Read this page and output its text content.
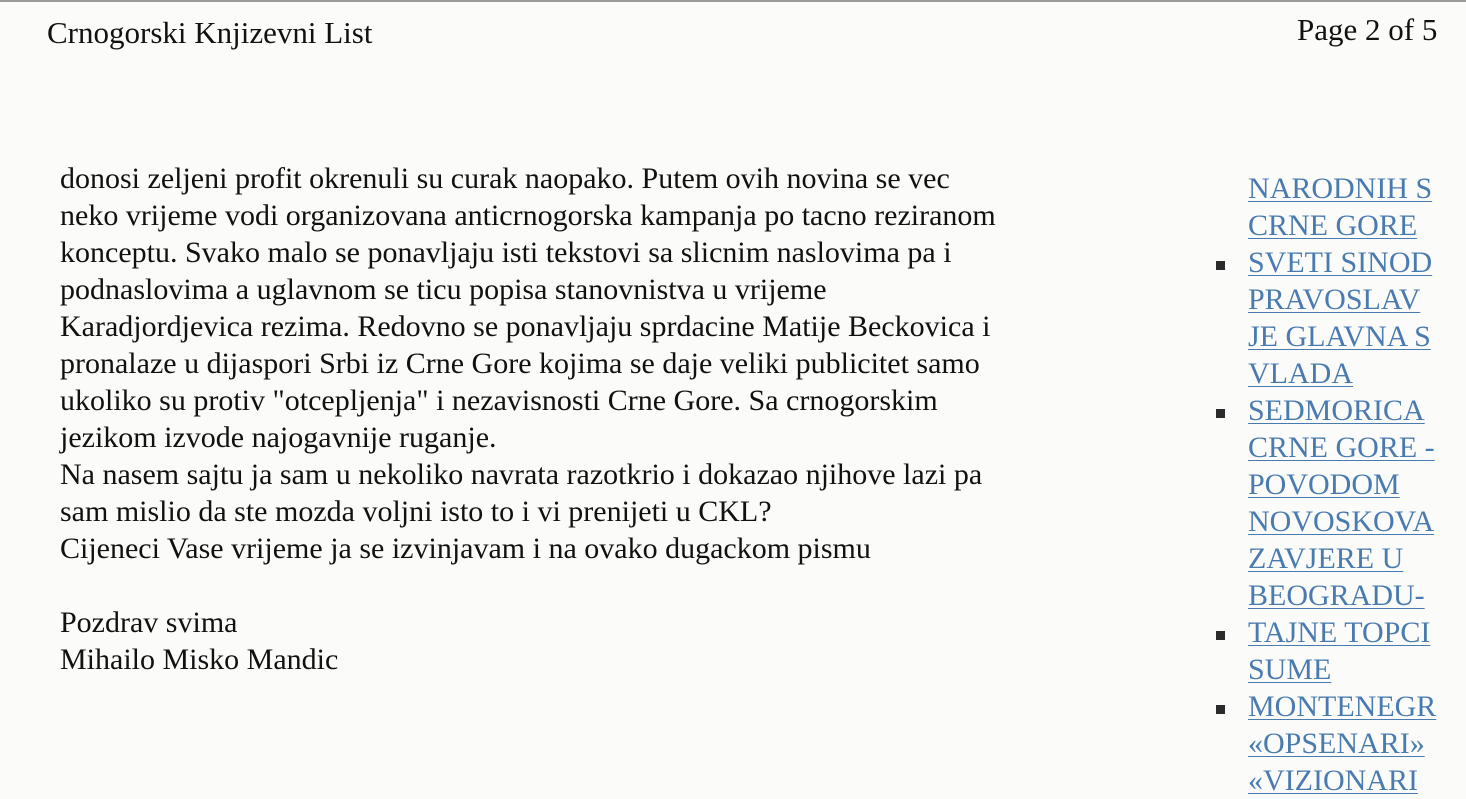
Crnogorski Knjizevni List	Page 2 of 5
donosi zeljeni profit okrenuli su curak naopako. Putem ovih novina se vec
neko vrijeme vodi organizovana anticrnogorska kampanja po tacno reziranom
konceptu. Svako malo se ponavljaju isti tekstovi sa slicnim naslovima pa i
podnaslovima a uglavnom se ticu popisa stanovnistva u vrijeme
Karadjordjevica rezima. Redovno se ponavljaju sprdacine Matije Beckovica i
pronalaze u dijaspori Srbi iz Crne Gore kojima se daje veliki publicitet samo
ukoliko su protiv "otcepljenja" i nezavisnosti Crne Gore. Sa crnogorskim
jezikom izvode najogavnije ruganje.
Na nasem sajtu ja sam u nekoliko navrata razotkrio i dokazao njihove lazi pa
sam mislio da ste mozda voljni isto to i vi prenijeti u CKL?
Cijeneci Vase vrijeme ja se izvinjavam i na ovako dugackom pismu
Pozdrav svima
Mihailo Misko Mandic
NARODNIH S
CRNE GORE
SVETI SINOD
PRAVOSLAV
JE GLAVNA S
VLADA
SEDMORICA
CRNE GORE -
POVODOM
NOVOSKOVA
ZAVJERE U
BEOGRADU-
TAJNE TOPCI
SUME
MONTENEGR
«OPSENARI»
«VIZIONARI
